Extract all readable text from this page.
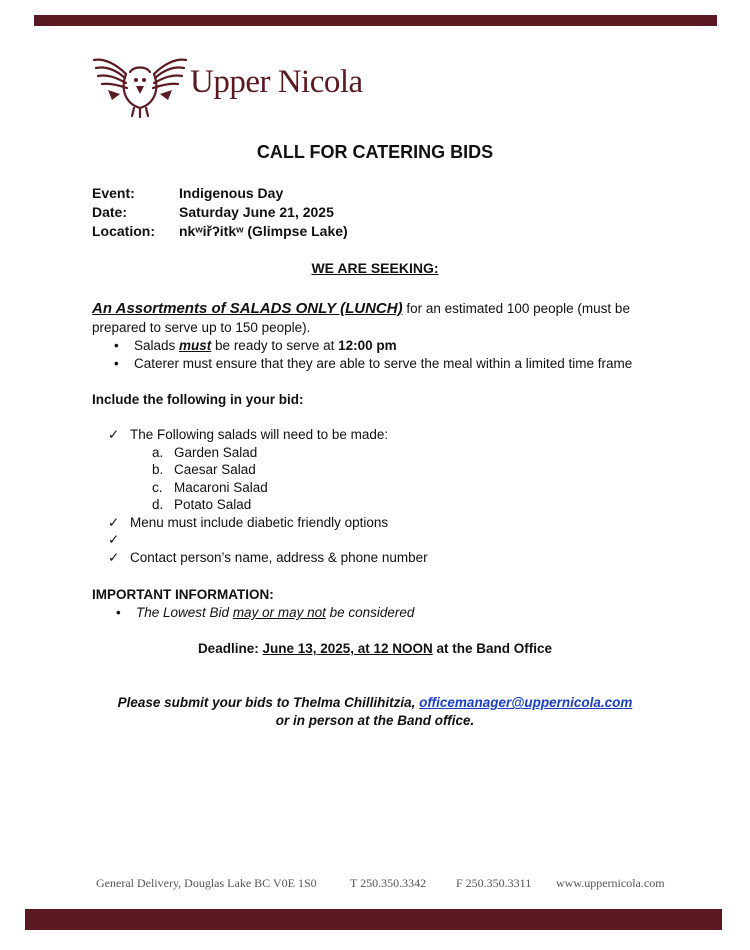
Upper Nicola
CALL FOR CATERING BIDS
Event:	Indigenous Day
Date:	Saturday June 21, 2025
Location: nkʷiřʔitkʷ (Glimpse Lake)
WE ARE SEEKING:
An Assortments of SALADS ONLY (LUNCH) for an estimated 100 people (must be prepared to serve up to 150 people).
• Salads must be ready to serve at 12:00 pm
• Caterer must ensure that they are able to serve the meal within a limited time frame
Include the following in your bid:
✓ The Following salads will need to be made:
a. Garden Salad
b. Caesar Salad
c. Macaroni Salad
d. Potato Salad
✓ Menu must include diabetic friendly options
✓
✓ Contact person’s name, address & phone number
IMPORTANT INFORMATION:
• The Lowest Bid may or may not be considered
Deadline: June 13, 2025, at 12 NOON at the Band Office
Please submit your bids to Thelma Chillihitzia, officemanager@uppernicola.com
or in person at the Band office.
General Delivery, Douglas Lake BC V0E 1S0	T 250.350.3342 F 250.350.3311 www.uppernicola.com
